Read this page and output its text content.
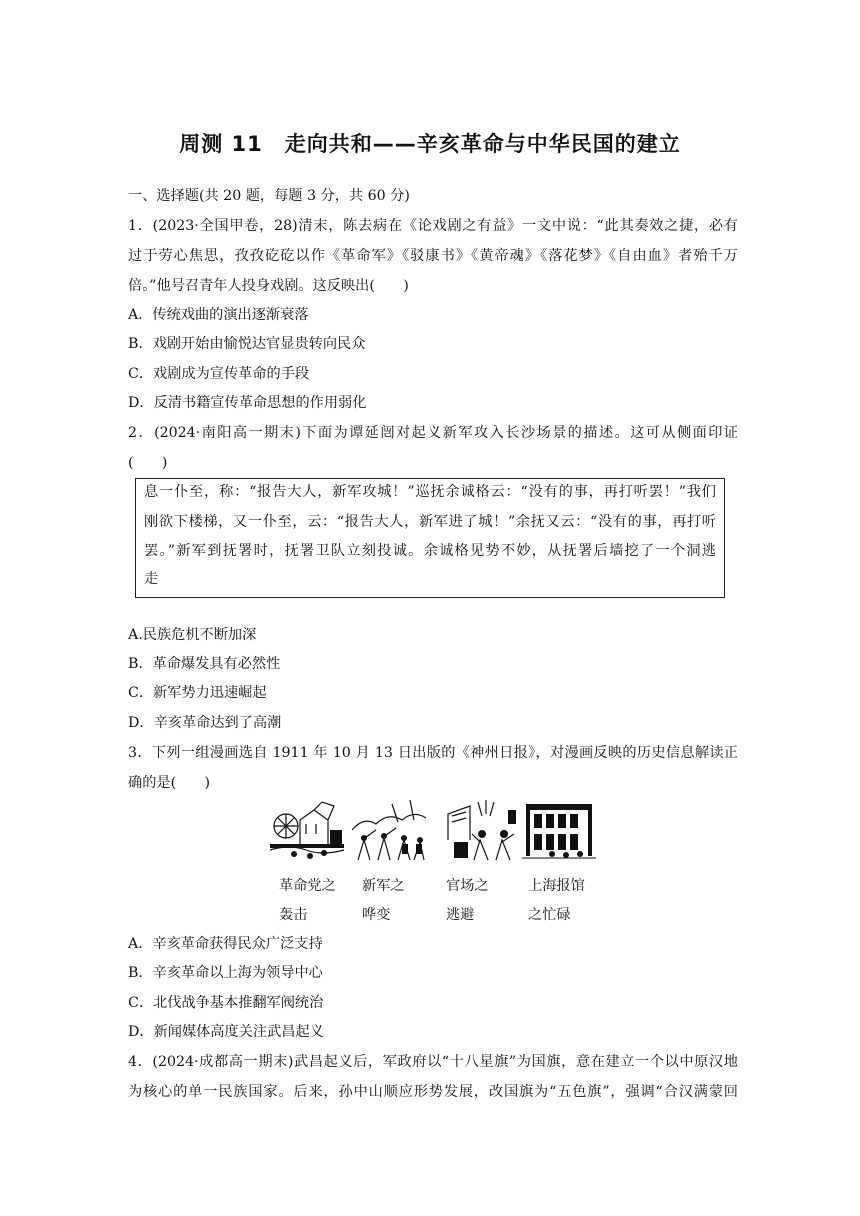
周测 11　走向共和——辛亥革命与中华民国的建立
一、选择题(共 20 题，每题 3 分，共 60 分)
1．(2023·全国甲卷，28)清末，陈去病在《论戏剧之有益》一文中说：“此其奏效之捷，必有
过于劳心焦思，孜孜矻矻以作《革命军》《驳康书》《黄帝魂》《落花梦》《自由血》者殆千万
倍。”他号召青年人投身戏剧。这反映出(　　)
A．传统戏曲的演出逐渐衰落
B．戏剧开始由愉悦达官显贵转向民众
C．戏剧成为宣传革命的手段
D．反清书籍宣传革命思想的作用弱化
2．(2024·南阳高一期末)下面为谭延闿对起义新军攻入长沙场景的描述。这可从侧面印证
(　　)
息一仆至，称：“报告大人，新军攻城！”巡抚余诚格云：“没有的事，再打听罢！”我们
刚欲下楼梯，又一仆至，云：“报告大人，新军进了城！”余抚又云：“没有的事，再打听
罢。”新军到抚署时，抚署卫队立刻投诚。余诚格见势不妙，从抚署后墙挖了一个洞逃
走
A.民族危机不断加深
B．革命爆发具有必然性
C．新军势力迅速崛起
D．辛亥革命达到了高潮
3．下列一组漫画选自 1911 年 10 月 13 日出版的《神州日报》，对漫画反映的历史信息解读正
确的是(　　)
革命党之
轰击
新军之
哗变
官场之
逃避
上海报馆
之忙碌
A．辛亥革命获得民众广泛支持
B．辛亥革命以上海为领导中心
C．北伐战争基本推翻军阀统治
D．新闻媒体高度关注武昌起义
4．(2024·成都高一期末)武昌起义后，军政府以“十八星旗”为国旗，意在建立一个以中原汉地
为核心的单一民族国家。后来，孙中山顺应形势发展，改国旗为“五色旗”，强调“合汉满蒙回
